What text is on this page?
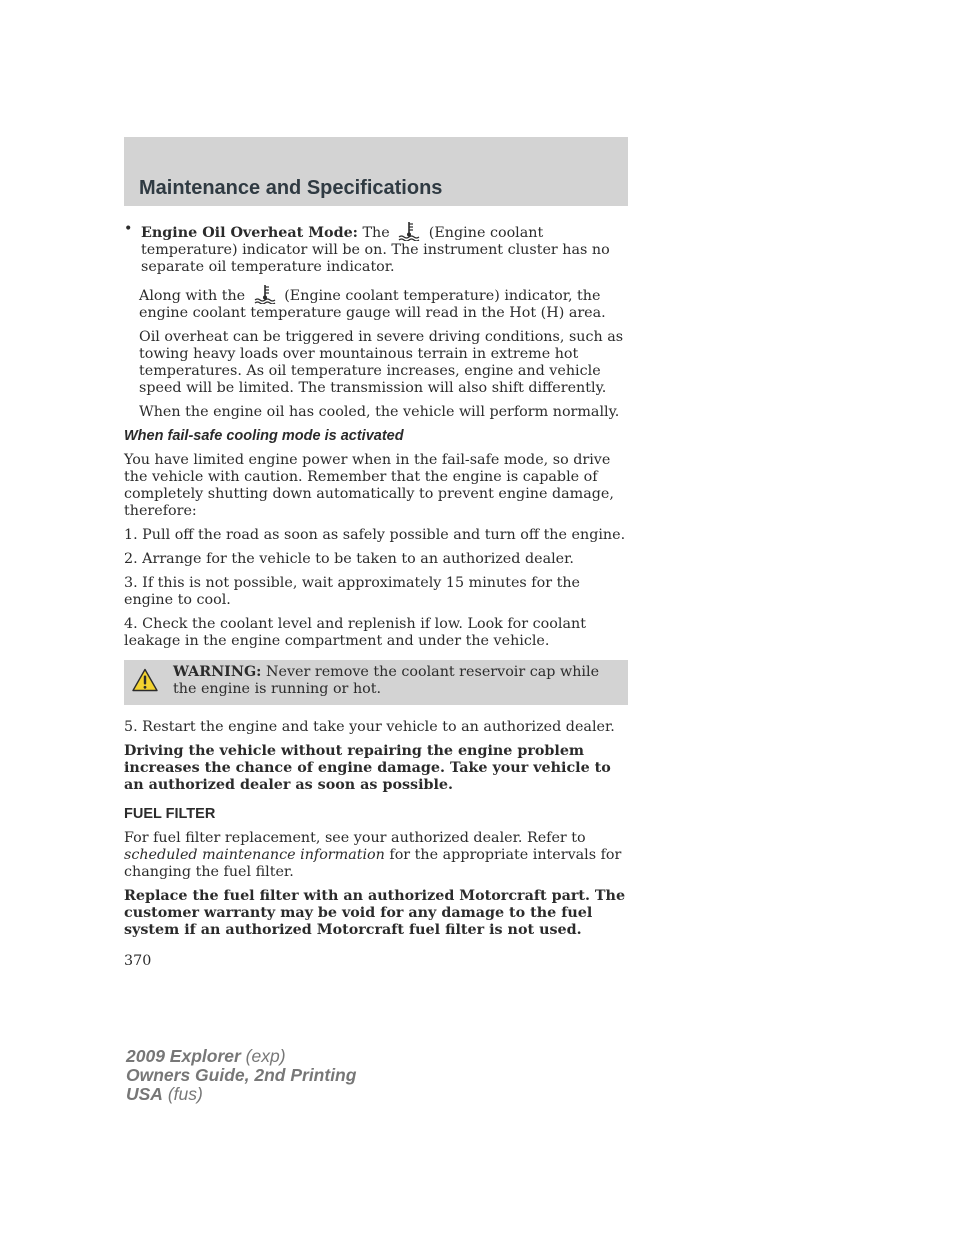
Maintenance and Specifications
• Engine Oil Overheat Mode: The	(Engine coolant temperature) indicator will be on. The instrument cluster has no separate oil temperature indicator.

Along with the	(Engine coolant temperature) indicator, the engine coolant temperature gauge will read in the Hot (H) area.

Oil overheat can be triggered in severe driving conditions, such as towing heavy loads over mountainous terrain in extreme hot temperatures. As oil temperature increases, engine and vehicle speed will be limited. The transmission will also shift differently.

When the engine oil has cooled, the vehicle will perform normally.

When fail-safe cooling mode is activated

You have limited engine power when in the fail-safe mode, so drive the vehicle with caution. Remember that the engine is capable of completely shutting down automatically to prevent engine damage, therefore:

1. Pull off the road as soon as safely possible and turn off the engine.

2. Arrange for the vehicle to be taken to an authorized dealer.

3. If this is not possible, wait approximately 15 minutes for the engine to cool.

4. Check the coolant level and replenish if low. Look for coolant leakage in the engine compartment and under the vehicle.

WARNING: Never remove the coolant reservoir cap while the engine is running or hot.

5. Restart the engine and take your vehicle to an authorized dealer.

Driving the vehicle without repairing the engine problem increases the chance of engine damage. Take your vehicle to an authorized dealer as soon as possible.

FUEL FILTER

For fuel filter replacement, see your authorized dealer. Refer to scheduled maintenance information for the appropriate intervals for changing the fuel filter.

Replace the fuel filter with an authorized Motorcraft part. The customer warranty may be void for any damage to the fuel system if an authorized Motorcraft fuel filter is not used.

370
2009 Explorer (exp)
Owners Guide, 2nd Printing
USA (fus)
